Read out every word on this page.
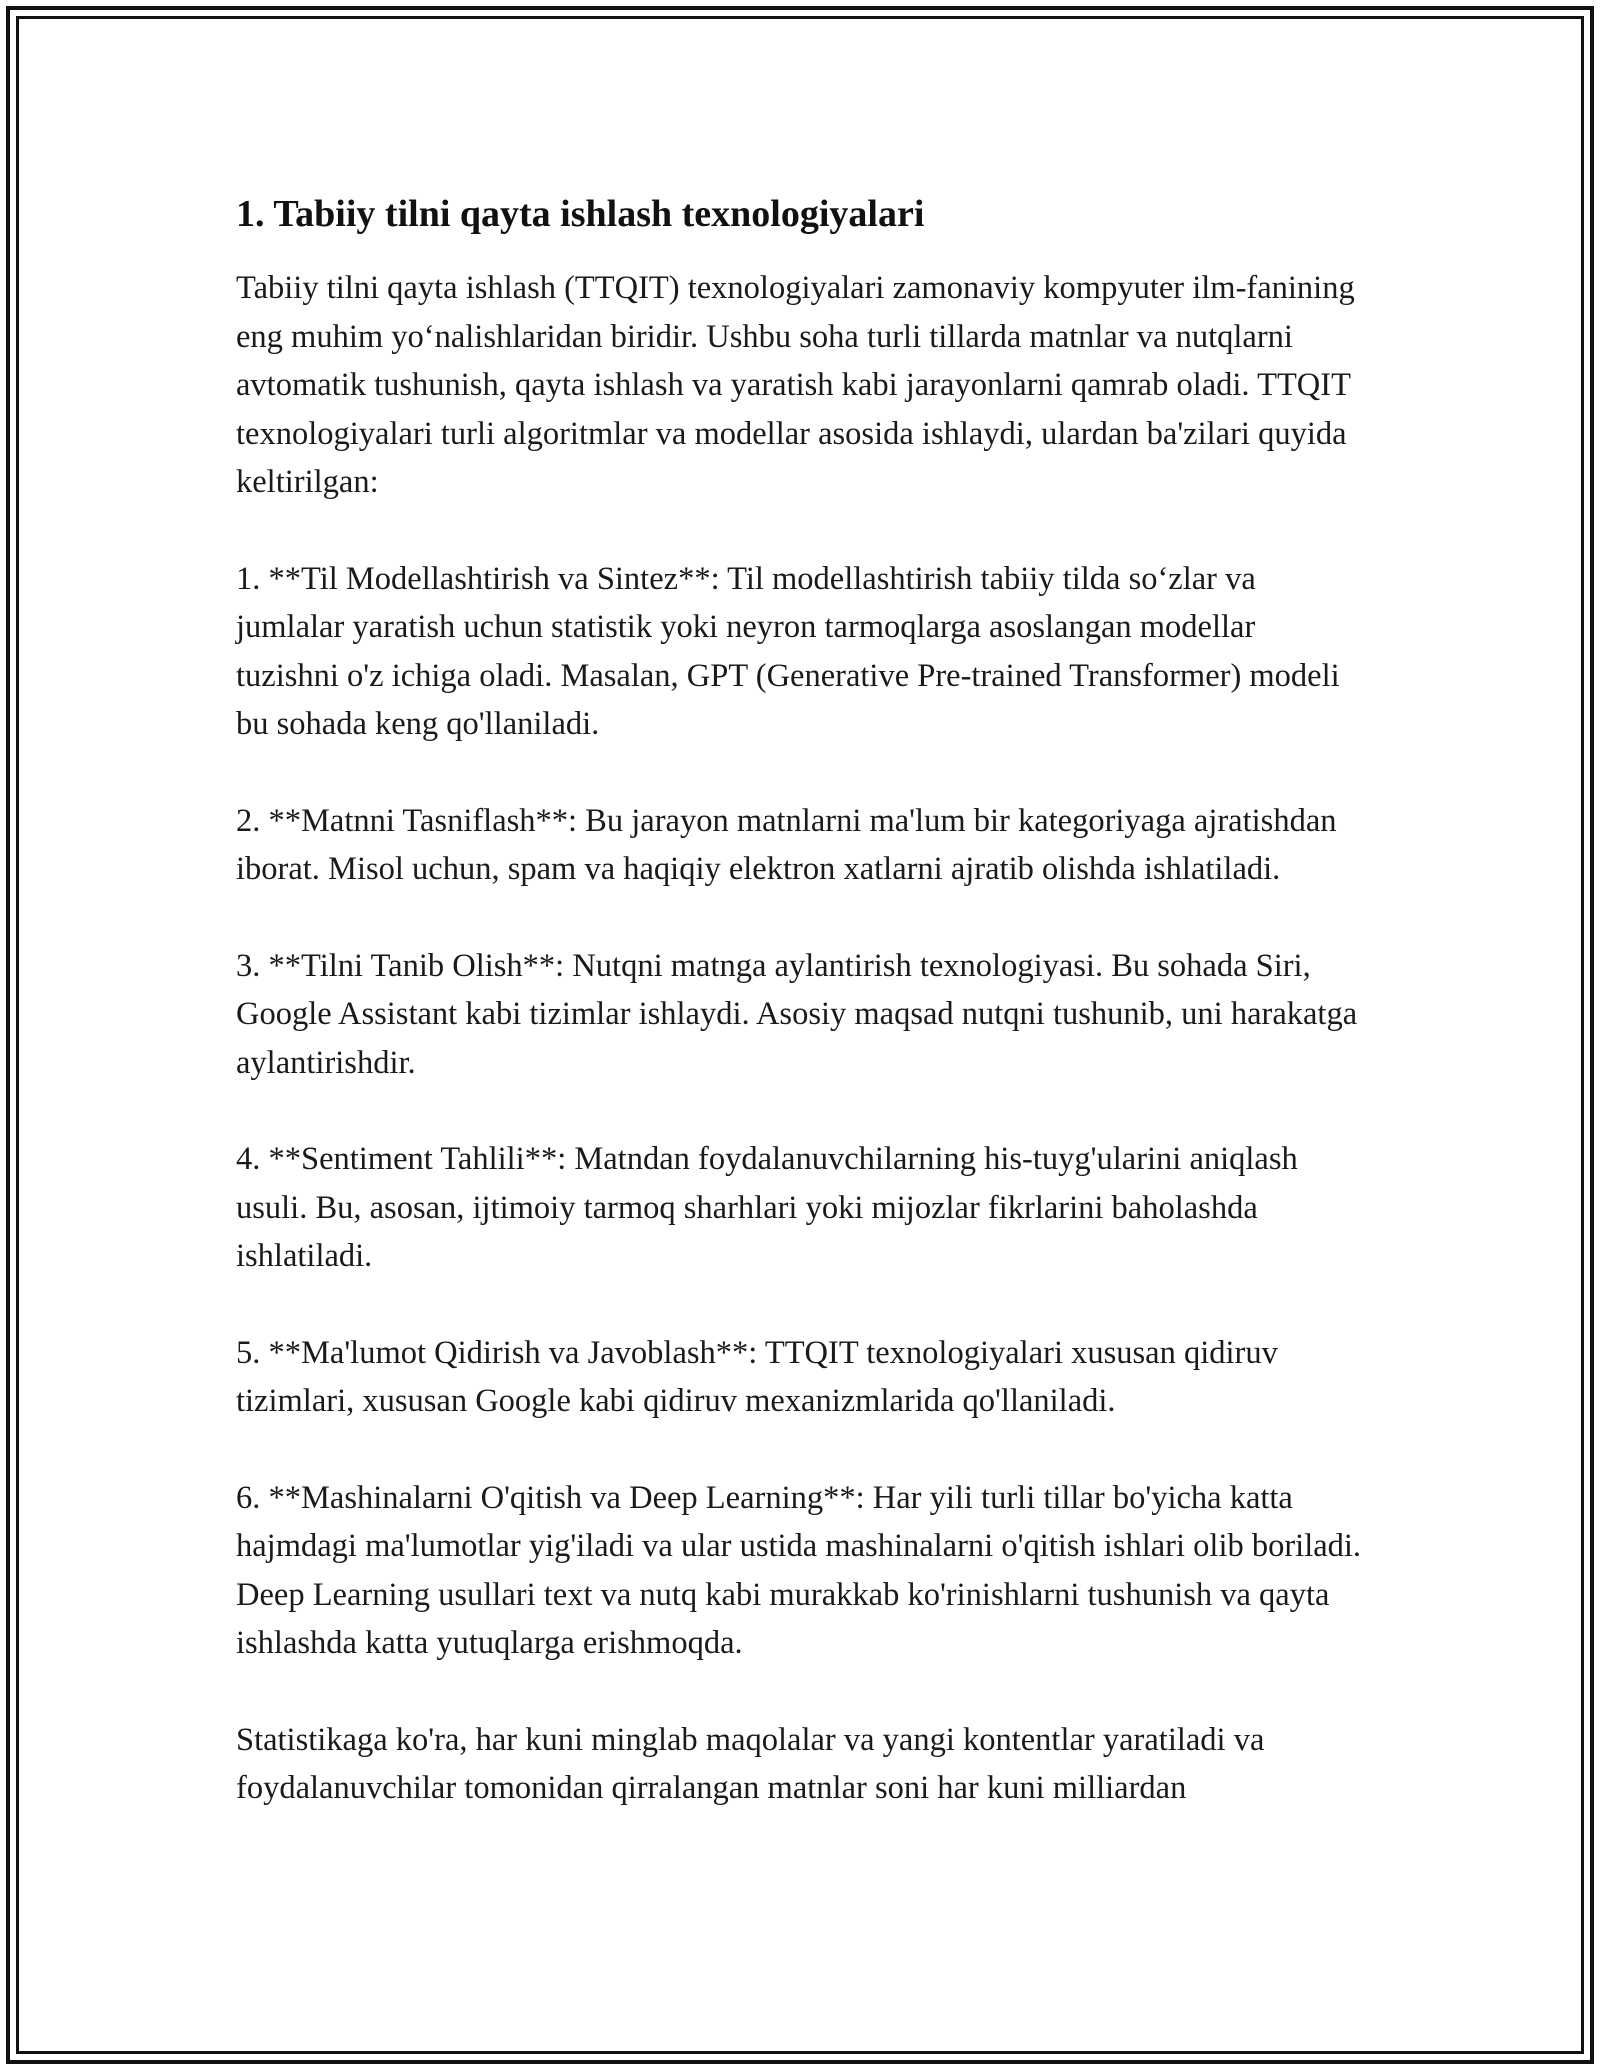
1. Tabiiy tilni qayta ishlash texnologiyalari

Tabiiy tilni qayta ishlash (TTQIT) texnologiyalari zamonaviy kompyuter ilm-fanining eng muhim yo‘nalishlaridan biridir. Ushbu soha turli tillarda matnlar va nutqlarni avtomatik tushunish, qayta ishlash va yaratish kabi jarayonlarni qamrab oladi. TTQIT texnologiyalari turli algoritmlar va modellar asosida ishlaydi, ulardan ba'zilari quyida keltirilgan:

1. **Til Modellashtirish va Sintez**: Til modellashtirish tabiiy tilda so‘zlar va jumlalar yaratish uchun statistik yoki neyron tarmoqlarga asoslangan modellar tuzishni o'z ichiga oladi. Masalan, GPT (Generative Pre-trained Transformer) modeli bu sohada keng qo'llaniladi.

2. **Matnni Tasniflash**: Bu jarayon matnlarni ma'lum bir kategoriyaga ajratishdan iborat. Misol uchun, spam va haqiqiy elektron xatlarni ajratib olishda ishlatiladi.

3. **Tilni Tanib Olish**: Nutqni matnga aylantirish texnologiyasi. Bu sohada Siri, Google Assistant kabi tizimlar ishlaydi. Asosiy maqsad nutqni tushunib, uni harakatga aylantirishdir.

4. **Sentiment Tahlili**: Matndan foydalanuvchilarning his-tuyg'ularini aniqlash usuli. Bu, asosan, ijtimoiy tarmoq sharhlari yoki mijozlar fikrlarini baholashda ishlatiladi.

5. **Ma'lumot Qidirish va Javoblash**: TTQIT texnologiyalari xususan qidiruv tizimlari, xususan Google kabi qidiruv mexanizmlarida qo'llaniladi.

6. **Mashinalarni O'qitish va Deep Learning**: Har yili turli tillar bo'yicha katta hajmdagi ma'lumotlar yig'iladi va ular ustida mashinalarni o'qitish ishlari olib boriladi. Deep Learning usullari text va nutq kabi murakkab ko'rinishlarni tushunish va qayta ishlashda katta yutuqlarga erishmoqda.

Statistikaga ko'ra, har kuni minglab maqolalar va yangi kontentlar yaratiladi va foydalanuvchilar tomonidan qirralangan matnlar soni har kuni milliardan
